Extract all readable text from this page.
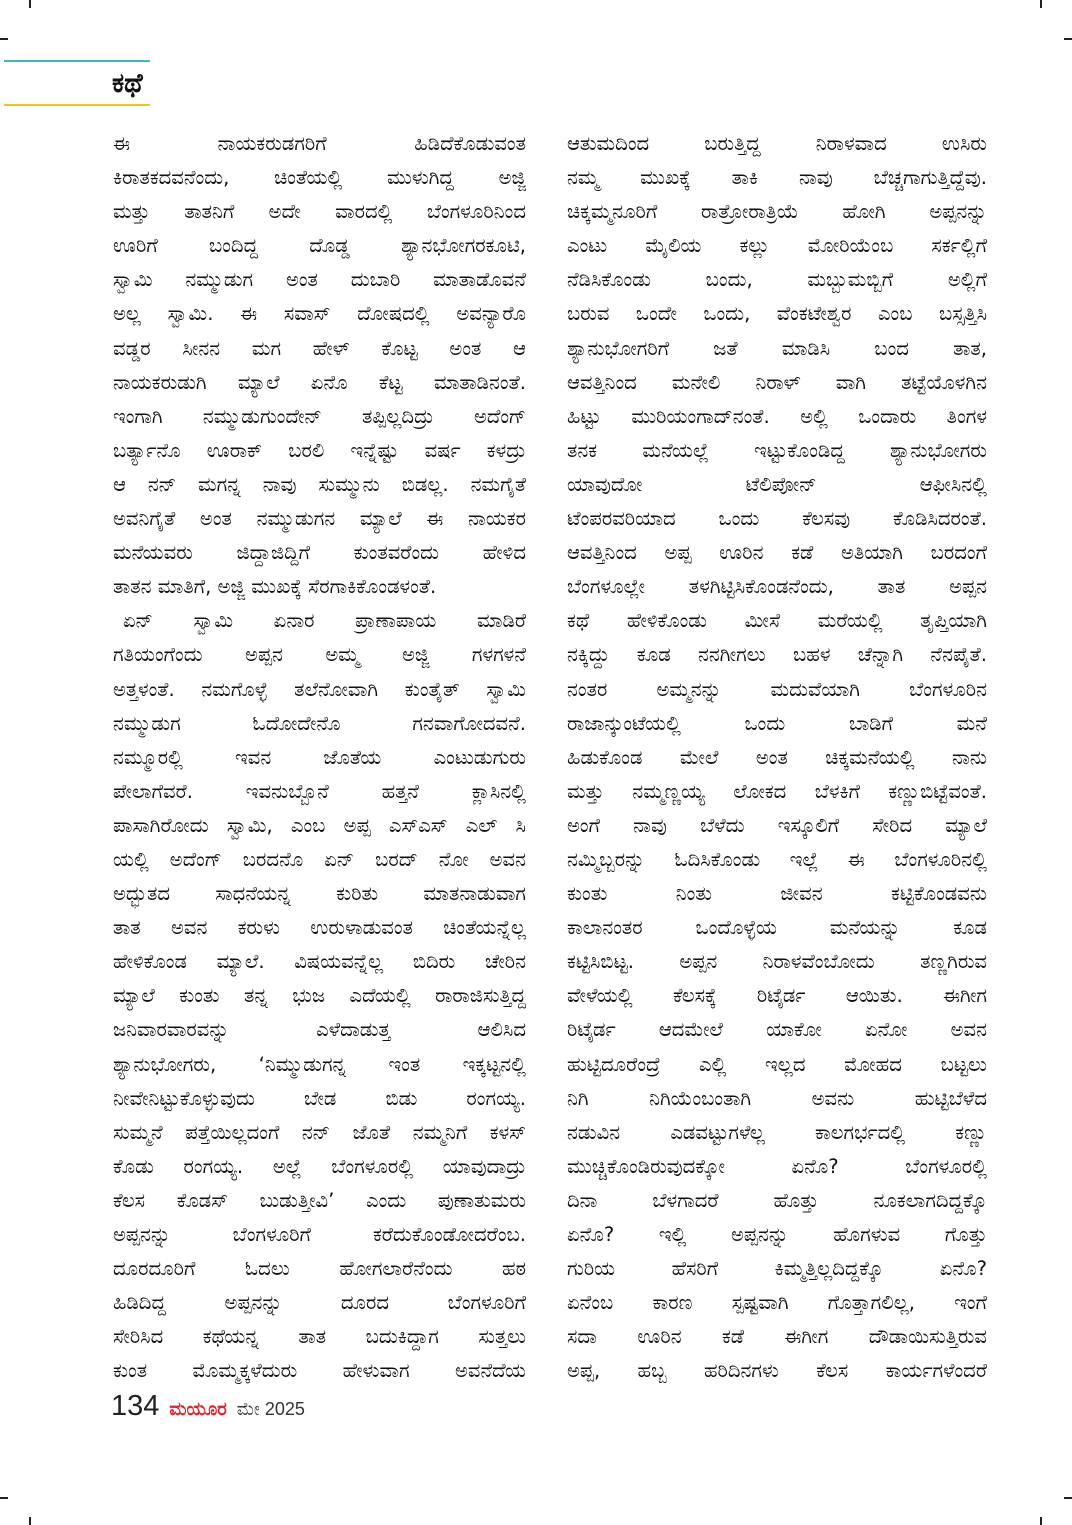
ಕಥೆ
ಈ ನಾಯಕರುಡಗರಿಗೆ ಹಿಡಿದೆಕೊಡುವಂತ
ಕಿರಾತಕದವನೆಂದು, ಚಿಂತೆಯಲ್ಲಿ ಮುಳುಗಿದ್ದ ಅಜ್ಜಿ
ಮತ್ತು ತಾತನಿಗೆ ಅದೇ ವಾರದಲ್ಲಿ ಬೆಂಗಳೂರಿನಿಂದ
ಊರಿಗೆ ಬಂದಿದ್ದ ದೊಡ್ಡ ಶ್ಯಾನಭೋಗರಕೂಟಿ,
ಸ್ವಾಮಿ ನಮ್ಮುಡುಗ ಅಂತ ದುಬಾರಿ ಮಾತಾಡೊವನೆ
ಅಲ್ಲ ಸ್ವಾಮಿ. ಈ ಸವಾಸ್ ದೋಷದಲ್ಲಿ ಅವನ್ಯಾರೊ
ವಡ್ಡರ ಸೀನನ ಮಗ ಹೇಳ್ ಕೊಟ್ಟ ಅಂತ ಆ
ನಾಯಕರುಡುಗಿ ಮ್ಯಾಲೆ ಏನೊ ಕೆಟ್ಟ ಮಾತಾಡಿನಂತೆ.
ಇಂಗಾಗಿ ನಮ್ಮುಡುಗುಂದೇನ್ ತಪ್ಪಿಲ್ಲದಿದ್ರು ಅದೆಂಗ್
ಬರ್ತ್ಯಾನೊ ಊರಾಕ್ ಬರಲಿ ಇನ್ನೆಷ್ಟು ವರ್ಷ ಕಳದ್ರು
ಆ ನನ್ ಮಗನ್ನ ನಾವು ಸುಮ್ಮುನು ಬಿಡಲ್ಲ. ನಮಗೈತೆ
ಅವನಿಗೈತೆ ಅಂತ ನಮ್ಮುಡುಗನ ಮ್ಯಾಲೆ ಈ ನಾಯಕರ
ಮನೆಯವರು ಜಿದ್ದಾಜಿದ್ದಿಗೆ ಕುಂತವರೆಂದು ಹೇಳಿದ
ತಾತನ ಮಾತಿಗೆ, ಅಜ್ಜಿ ಮುಖಕ್ಕೆ ಸೆರಗಾಕಿಕೊಂಡಳಂತೆ.
ಏನ್ ಸ್ವಾಮಿ ಏನಾರ ಪ್ರಾಣಾಪಾಯ ಮಾಡಿರೆ
ಗತಿಯಂಗೆಂದು ಅಪ್ಪನ ಅಮ್ಮ ಅಜ್ಜಿ ಗಳಗಳನೆ
ಅತ್ತಳಂತೆ. ನಮಗೊಳ್ಳೆ ತಲೆನೋವಾಗಿ ಕುಂತೈತ್ ಸ್ವಾಮಿ
ನಮ್ಮುಡುಗ ಓದೋದೇನೊ ಗನವಾಗೋದವನೆ.
ನಮ್ಮೂರಲ್ಲಿ ಇವನ ಜೊತೆಯ ಎಂಟುಡುಗುರು
ಪೇಲಾಗೆವರೆ. ಇವನುಬ್ಬೊನೆ ಹತ್ತನೆ ಕ್ಲಾಸಿನಲ್ಲಿ
ಪಾಸಾಗಿರೋದು ಸ್ವಾಮಿ, ಎಂಬ ಅಪ್ಪ ಎಸ್‌ಎಸ್ ಎಲ್ ಸಿ
ಯಲ್ಲಿ ಅದೆಂಗ್ ಬರದನೊ ಏನ್ ಬರದ್ ನೋ ಅವನ
ಅದ್ಭುತದ ಸಾಧನೆಯನ್ನ ಕುರಿತು ಮಾತನಾಡುವಾಗ
ತಾತ ಅವನ ಕರುಳು ಉರುಳಾಡುವಂತ ಚಿಂತೆಯನ್ನೆಲ್ಲ
ಹೇಳಿಕೊಂಡ ಮ್ಯಾಲೆ. ವಿಷಯವನ್ನೆಲ್ಲ ಬಿದಿರು ಚೇರಿನ
ಮ್ಯಾಲೆ ಕುಂತು ತನ್ನ ಭುಜ ಎದೆಯಲ್ಲಿ ರಾರಾಜಿಸುತ್ತಿದ್ದ
ಜನಿವಾರವಾರವನ್ನು ಎಳೆದಾಡುತ್ತ ಆಲಿಸಿದ
ಶ್ಯಾನುಭೋಗರು, ‘ನಿಮ್ಮುಡುಗನ್ನ ಇಂತ ಇಕ್ಕಟ್ಟನಲ್ಲಿ
ನೀವೇನಿಟ್ಟುಕೊಳ್ಳುವುದು ಬೇಡ ಬಿಡು ರಂಗಯ್ಯ.
ಸುಮ್ಮನೆ ಪತ್ತೆಯಿಲ್ಲದಂಗೆ ನನ್ ಜೊತೆ ನಮ್ಮನಿಗೆ ಕಳಸ್
ಕೊಡು ರಂಗಯ್ಯ. ಅಲ್ಲೆ ಬೆಂಗಳೂರಲ್ಲಿ ಯಾವುದಾದ್ರು
ಕೆಲಸ ಕೊಡಸ್ ಬುಡುತ್ತೀವಿ’ ಎಂದು ಪುಣಾತುಮರು
ಅಪ್ಪನನ್ನು ಬೆಂಗಳೂರಿಗೆ ಕರೆದುಕೊಂಡೋದರೆಂಬ.
ದೂರದೂರಿಗೆ ಓದಲು ಹೋಗಲಾರೆನೆಂದು ಹಠ
ಹಿಡಿದಿದ್ದ ಅಪ್ಪನನ್ನು ದೂರದ ಬೆಂಗಳೂರಿಗೆ
ಸೇರಿಸಿದ ಕಥೆಯನ್ನ ತಾತ ಬದುಕಿದ್ದಾಗ ಸುತ್ತಲು
ಕುಂತ ಮೊಮ್ಮಕ್ಕಳೆದುರು ಹೇಳುವಾಗ ಅವನೆದೆಯ
ಆತುಮದಿಂದ ಬರುತ್ತಿದ್ದ ನಿರಾಳವಾದ ಉಸಿರು
ನಮ್ಮ ಮುಖಕ್ಕೆ ತಾಕಿ ನಾವು ಬೆಚ್ಚಗಾಗುತ್ತಿದ್ದೆವು.
ಚಿಕ್ಕಮ್ಮನೂರಿಗೆ ರಾತ್ರೋರಾತ್ರಿಯೆ ಹೋಗಿ ಅಪ್ಪನನ್ನು
ಎಂಟು ಮೈಲಿಯ ಕಲ್ಲು ಮೋರಿಯೆಂಬ ಸರ್ಕಲ್ಲಿಗೆ
ನೆಡಿಸಿಕೊಂಡು ಬಂದು, ಮಬ್ಬುಮಬ್ಬಿಗೆ ಅಲ್ಲಿಗೆ
ಬರುವ ಒಂದೇ ಒಂದು, ವೆಂಕಟೇಶ್ವರ ಎಂಬ ಬಸ್ಸತ್ತಿಸಿ
ಶ್ಯಾನುಭೋಗರಿಗೆ ಜತೆ ಮಾಡಿಸಿ ಬಂದ ತಾತ,
ಆವತ್ತಿನಿಂದ ಮನೇಲಿ ನಿರಾಳ್ ವಾಗಿ ತಟ್ಟೆಯೊಳಗಿನ
ಹಿಟ್ಟು ಮುರಿಯಂಗಾದ್‌ನಂತೆ. ಅಲ್ಲಿ ಒಂದಾರು ತಿಂಗಳ
ತನಕ ಮನೆಯಲ್ಲೆ ಇಟ್ಟುಕೊಂಡಿದ್ದ ಶ್ಯಾನುಭೋಗರು
ಯಾವುದೋ ಟೆಲಿಪೋನ್ ಆಫೀಸಿನಲ್ಲಿ
ಟೆಂಪರವರಿಯಾದ ಒಂದು ಕೆಲಸವು ಕೊಡಿಸಿದರಂತೆ.
ಆವತ್ತಿನಿಂದ ಅಪ್ಪ ಊರಿನ ಕಡೆ ಅತಿಯಾಗಿ ಬರದಂಗೆ
ಬೆಂಗಳೂಲ್ಲೇ ತಳಗಿಟ್ಟಿಸಿಕೊಂಡನೆಂದು, ತಾತ ಅಪ್ಪನ
ಕಥೆ ಹೇಳಿಕೊಂಡು ಮೀಸೆ ಮರೆಯಲ್ಲಿ ತೃಪ್ತಿಯಾಗಿ
ನಕ್ಕಿದ್ದು ಕೂಡ ನನಗೀಗಲು ಬಹಳ ಚೆನ್ನಾಗಿ ನೆನಪೈತೆ.
ನಂತರ ಅಮ್ಮನನ್ನು ಮದುವೆಯಾಗಿ ಬೆಂಗಳೂರಿನ
ರಾಜಾನ್ಕುಂಟೆಯಲ್ಲಿ ಒಂದು ಬಾಡಿಗೆ ಮನೆ
ಹಿಡುಕೊಂಡ ಮೇಲೆ ಅಂತ ಚಿಕ್ಕಮನೆಯಲ್ಲಿ ನಾನು
ಮತ್ತು ನಮ್ಮಣ್ಣಯ್ಯ ಲೋಕದ ಬೆಳಕಿಗೆ ಕಣ್ಣುಬಿಟ್ಟೆವಂತೆ.
ಅಂಗೆ ನಾವು ಬೆಳೆದು ಇಸ್ಕೂಲಿಗೆ ಸೇರಿದ ಮ್ಯಾಲೆ
ನಮ್ಮಿಬ್ಬರನ್ನು ಓದಿಸಿಕೊಂಡು ಇಲ್ಲೆ ಈ ಬೆಂಗಳೂರಿನಲ್ಲಿ
ಕುಂತು ನಿಂತು ಜೀವನ ಕಟ್ಟಿಕೊಂಡವನು
ಕಾಲಾನಂತರ ಒಂದೊಳ್ಳೆಯ ಮನೆಯನ್ನು ಕೂಡ
ಕಟ್ಟಿಸಿಬಿಟ್ಟ. ಅಪ್ಪನ ನಿರಾಳವೆಂಬೋದು ತಣ್ಣಗಿರುವ
ವೇಳೆಯಲ್ಲಿ ಕೆಲಸಕ್ಕೆ ರಿಟೈರ್ಡ ಆಯಿತು. ಈಗೀಗ
ರಿಟೈರ್ಡ ಆದಮೇಲೆ ಯಾಕೋ ಏನೋ ಅವನ
ಹುಟ್ಟಿದೂರೆಂದ್ರೆ ಎಲ್ಲಿ ಇಲ್ಲದ ಮೋಹದ ಬಟ್ಟಲು
ನಿಗಿ ನಿಗಿಯೆಂಬಂತಾಗಿ ಅವನು ಹುಟ್ಟಿಬೆಳೆದ
ನಡುವಿನ ಎಡವಟ್ಟುಗಳೆಲ್ಲ ಕಾಲಗರ್ಭದಲ್ಲಿ ಕಣ್ಣು
ಮುಚ್ಚಿಕೊಂಡಿರುವುದಕ್ಕೋ ಏನೊ? ಬೆಂಗಳೂರಲ್ಲಿ
ದಿನಾ ಬೆಳಗಾದರೆ ಹೊತ್ತು ನೂಕಲಾಗದಿದ್ದಕ್ಕೊ
ಏನೊ? ಇಲ್ಲಿ ಅಪ್ಪನನ್ನು ಹೊಗಳುವ ಗೊತ್ತು
ಗುರಿಯ ಹೆಸರಿಗೆ ಕಿಮ್ಮತ್ತಿಲ್ಲದಿದ್ದಕ್ಕೊ ಏನೊ?
ಏನೆಂಬ ಕಾರಣ ಸ್ಪಷ್ಟವಾಗಿ ಗೊತ್ತಾಗಲಿಲ್ಲ, ಇಂಗೆ
ಸದಾ ಊರಿನ ಕಡೆ ಈಗೀಗ ದೌಡಾಯಿಸುತ್ತಿರುವ
ಅಪ್ಪ, ಹಬ್ಬ ಹರಿದಿನಗಳು ಕೆಲಸ ಕಾರ್ಯಗಳೆಂದರೆ
134 ಮಯೂರ ಮೇ 2025
